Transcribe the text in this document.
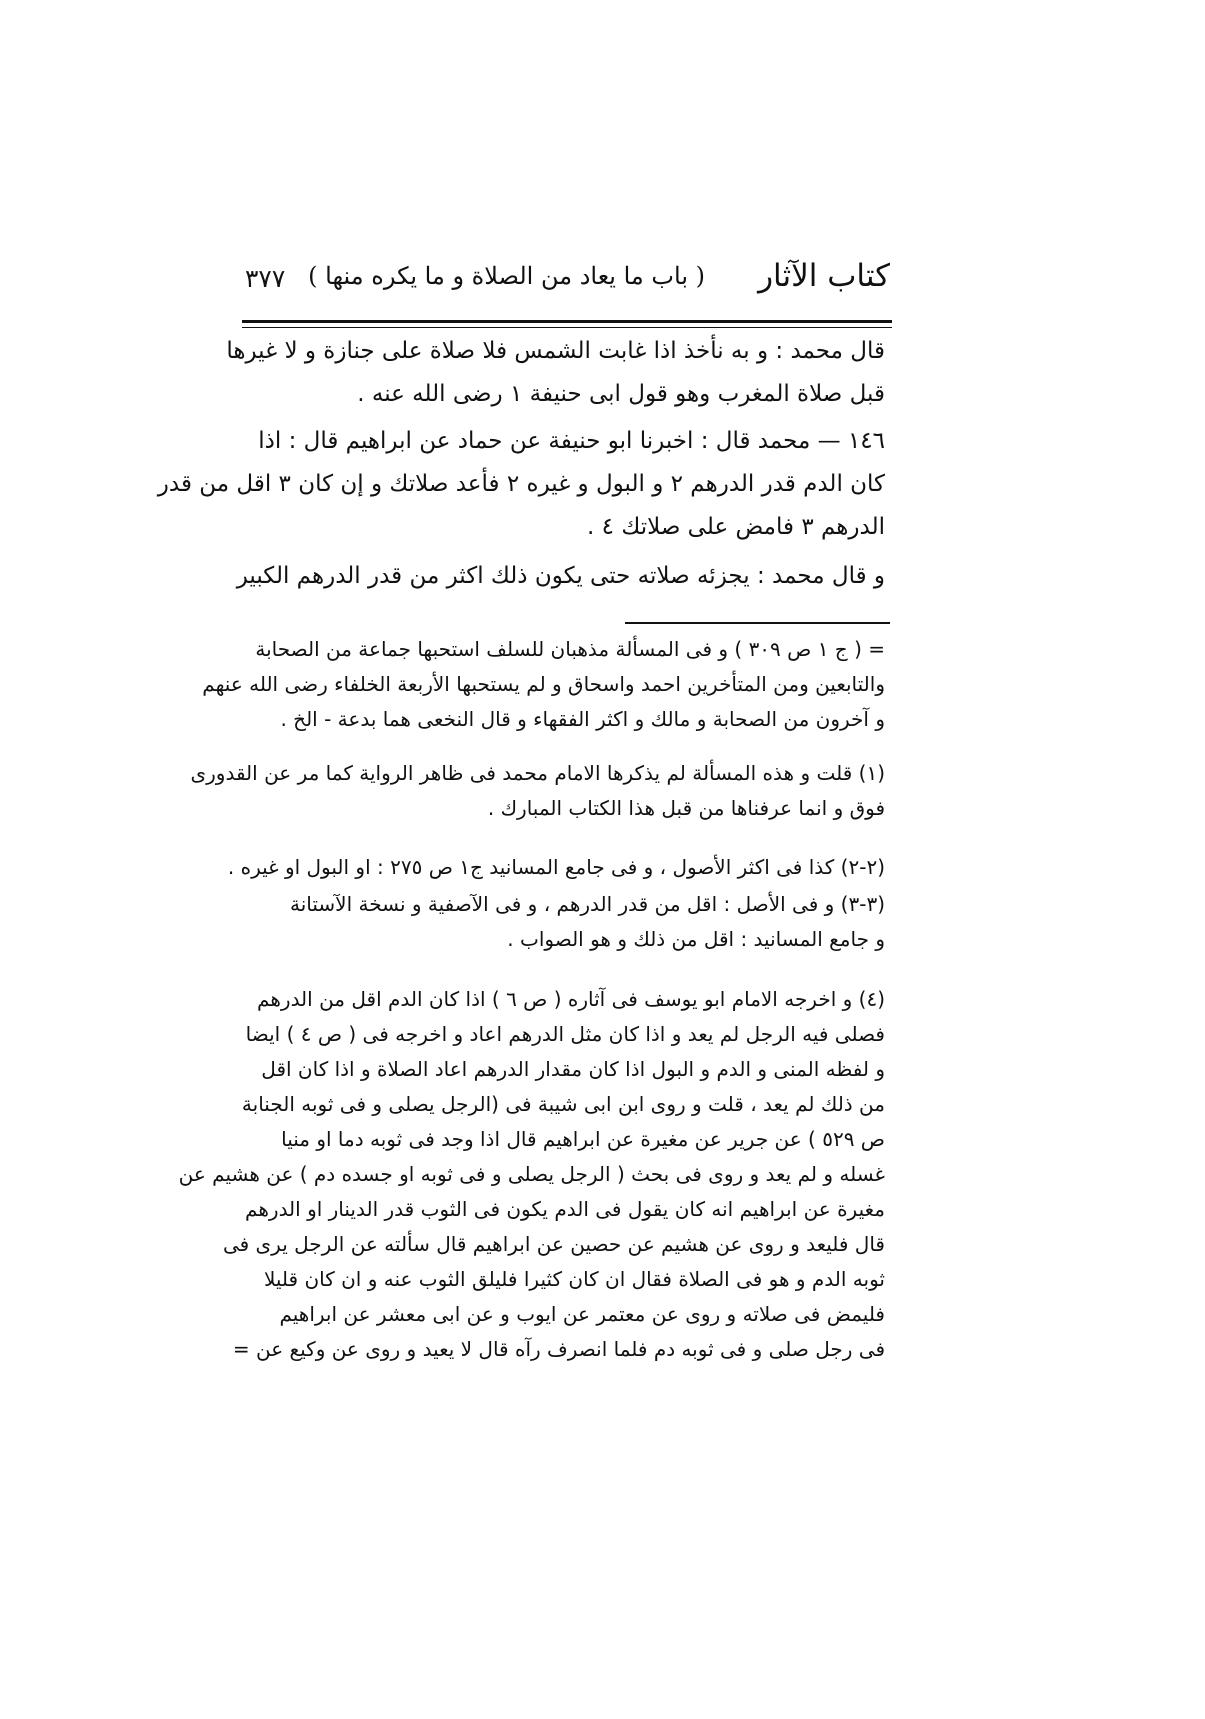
كتاب الآثار
( باب ما يعاد من الصلاة و ما يكره منها )
٣٧٧
قال محمد : و به نأخذ اذا غابت الشمس فلا صلاة على جنازة و لا غيرها
قبل صلاة المغرب وهو قول ابى حنيفة ١ رضى الله عنه .
١٤٦ — محمد قال : اخبرنا ابو حنيفة عن حماد عن ابراهيم قال : اذا
كان الدم قدر الدرهم ٢ و البول و غيره ٢ فأعد صلاتك و إن كان ٣ اقل من قدر
الدرهم ٣ فامض على صلاتك ٤ .
و قال محمد : يجزئه صلاته حتى يكون ذلك اكثر من قدر الدرهم الكبير
= ( ج ١ ص ٣٠٩ ) و فى المسألة مذهبان للسلف استحبها جماعة من الصحابة
والتابعين ومن المتأخرين احمد واسحاق و لم يستحبها الأربعة الخلفاء رضى الله عنهم
و آخرون من الصحابة و مالك و اكثر الفقهاء و قال النخعى هما بدعة - الخ .
(١) قلت و هذه المسألة لم يذكرها الامام محمد فى ظاهر الرواية كما مر عن القدورى
فوق و انما عرفناها من قبل هذا الكتاب المبارك .
(٢-٢) كذا فى اكثر الأصول ، و فى جامع المسانيد ج١ ص ٢٧٥ : او البول او غيره .
(٣-٣) و فى الأصل : اقل من قدر الدرهم ، و فى الآصفية و نسخة الآستانة
و جامع المسانيد : اقل من ذلك و هو الصواب .
(٤) و اخرجه الامام ابو يوسف فى آثاره ( ص ٦ ) اذا كان الدم اقل من الدرهم
فصلى فيه الرجل لم يعد و اذا كان مثل الدرهم اعاد و اخرجه فى ( ص ٤ ) ايضا
و لفظه المنى و الدم و البول اذا كان مقدار الدرهم اعاد الصلاة و اذا كان اقل
من ذلك لم يعد ، قلت و روى ابن ابى شيبة فى (الرجل يصلى و فى ثوبه الجنابة
ص ٥٢٩ ) عن جرير عن مغيرة عن ابراهيم قال اذا وجد فى ثوبه دما او منيا
غسله و لم يعد و روى فى بحث ( الرجل يصلى و فى ثوبه او جسده دم ) عن هشيم عن
مغيرة عن ابراهيم انه كان يقول فى الدم يكون فى الثوب قدر الدينار او الدرهم
قال فليعد و روى عن هشيم عن حصين عن ابراهيم قال سألته عن الرجل يرى فى
ثوبه الدم و هو فى الصلاة فقال ان كان كثيرا فليلق الثوب عنه و ان كان قليلا
فليمض فى صلاته و روى عن معتمر عن ايوب و عن ابى معشر عن ابراهيم
فى رجل صلى و فى ثوبه دم فلما انصرف رآه قال لا يعيد و روى عن وكيع عن =
